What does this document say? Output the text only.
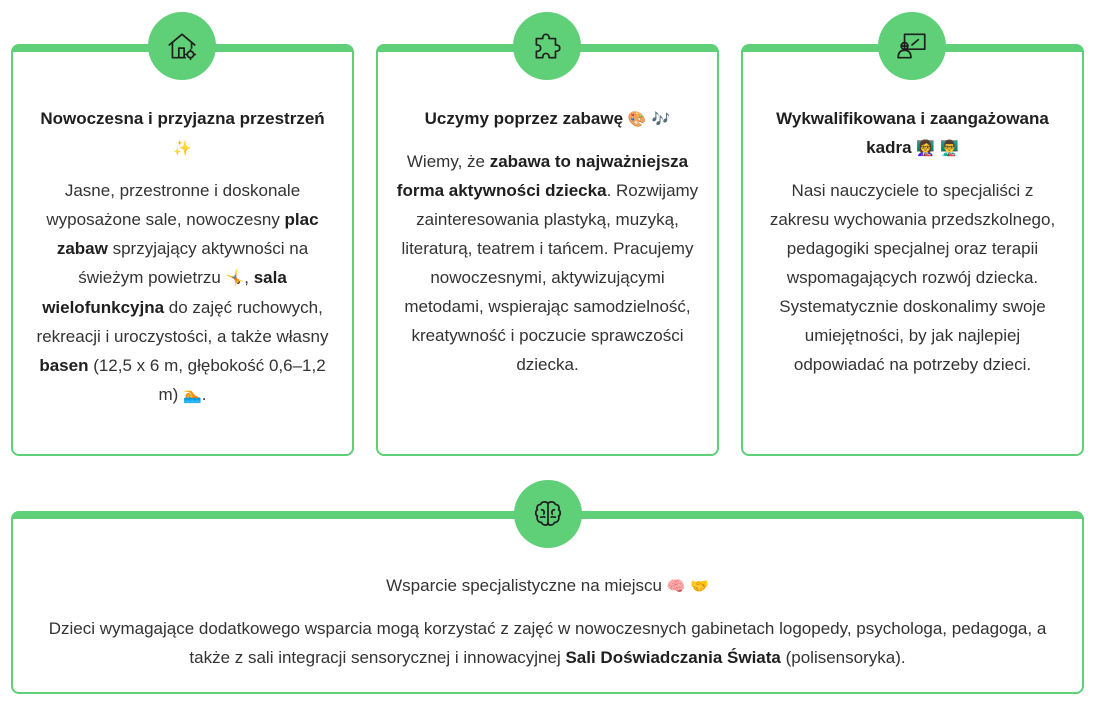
Nowoczesna i przyjazna przestrzeń ✨
Jasne, przestronne i doskonale wyposażone sale, nowoczesny plac zabaw sprzyjający aktywności na świeżym powietrzu 🤸, sala wielofunkcyjna do zajęć ruchowych, rekreacji i uroczystości, a także własny basen (12,5 x 6 m, głębokość 0,6–1,2 m) 🏊.
Uczymy poprzez zabawę 🎨 🎶
Wiemy, że zabawa to najważniejsza forma aktywności dziecka. Rozwijamy zainteresowania plastyką, muzyką, literaturą, teatrem i tańcem. Pracujemy nowoczesnymi, aktywizującymi metodami, wspierając samodzielność, kreatywność i poczucie sprawczości dziecka.
Wykwalifikowana i zaangażowana kadra 👩‍🏫 👨‍🏫
Nasi nauczyciele to specjaliści z zakresu wychowania przedszkolnego, pedagogiki specjalnej oraz terapii wspomagających rozwój dziecka. Systematycznie doskonalimy swoje umiejętności, by jak najlepiej odpowiadać na potrzeby dzieci.
Wsparcie specjalistyczne na miejscu 🧠 🤝
Dzieci wymagające dodatkowego wsparcia mogą korzystać z zajęć w nowoczesnych gabinetach logopedy, psychologa, pedagoga, a także z sali integracji sensorycznej i innowacyjnej Sali Doświadczania Świata (polisensoryka).
